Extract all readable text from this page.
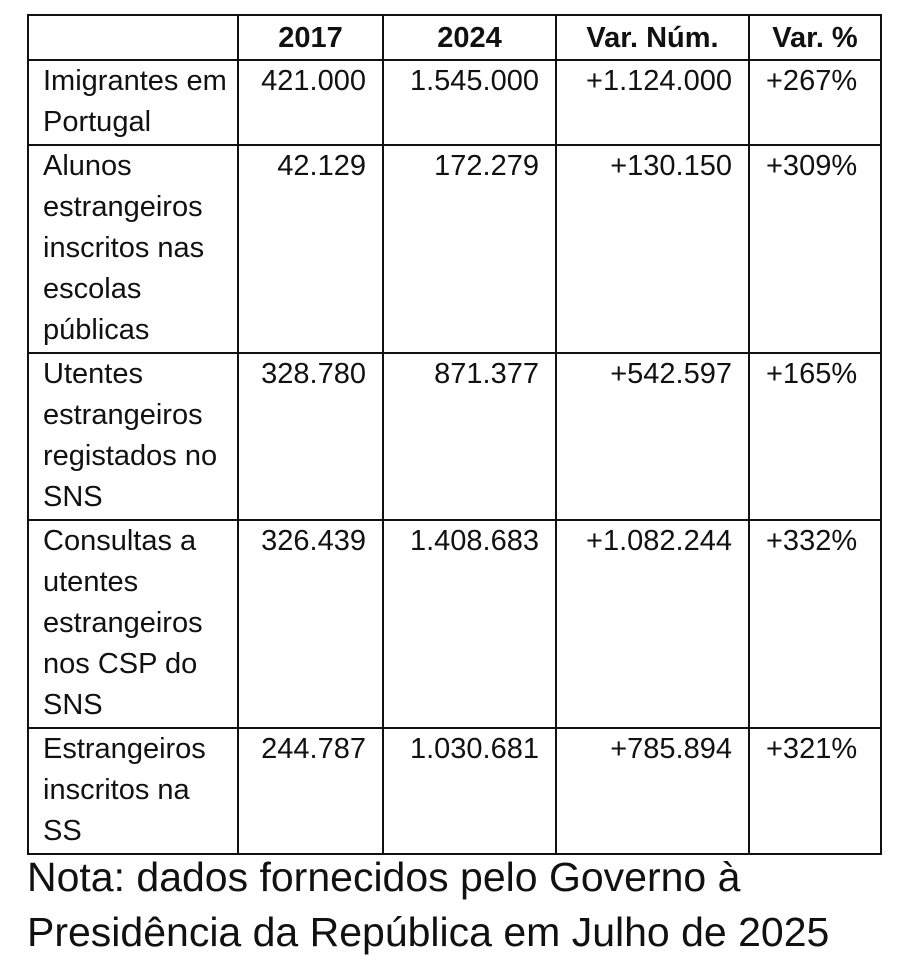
	2017	2024	Var. Núm.	Var. %
Imigrantes em Portugal	421.000	1.545.000	+1.124.000	+267%
Alunos estrangeiros inscritos nas escolas públicas	42.129	172.279	+130.150	+309%
Utentes estrangeiros registados no SNS	328.780	871.377	+542.597	+165%
Consultas a utentes estrangeiros nos CSP do SNS	326.439	1.408.683	+1.082.244	+332%
Estrangeiros inscritos na SS	244.787	1.030.681	+785.894	+321%

Nota: dados fornecidos pelo Governo à Presidência da República em Julho de 2025
